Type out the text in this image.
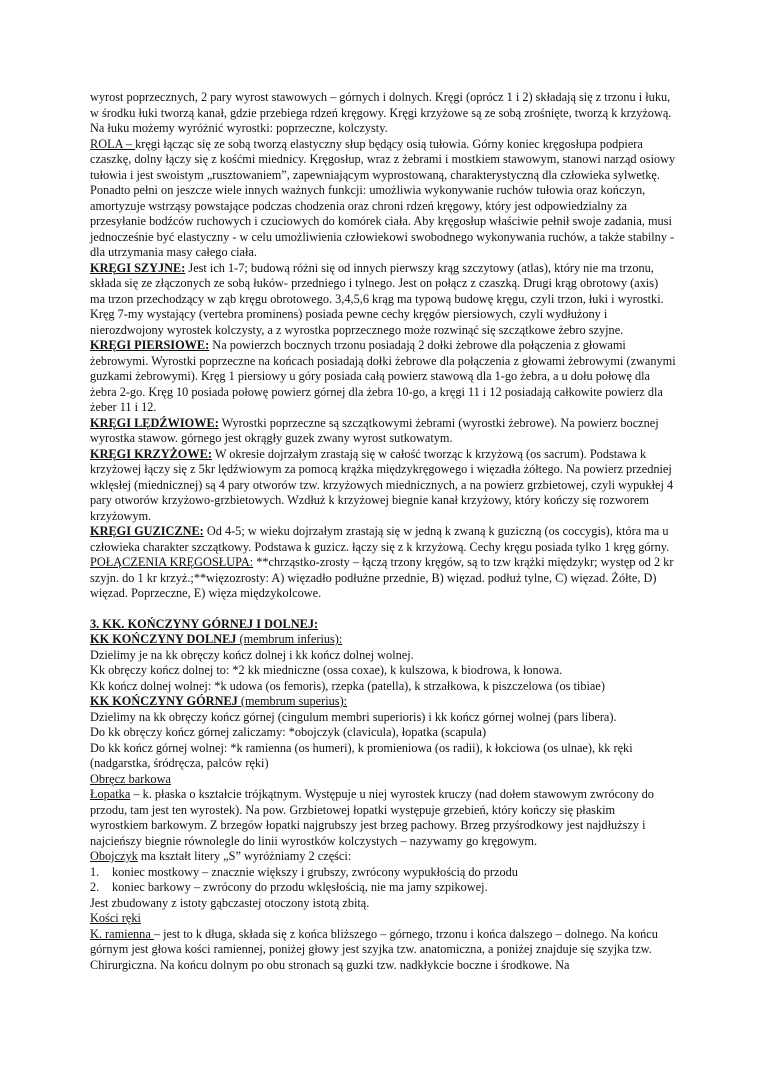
wyrost poprzecznych, 2 pary wyrost stawowych – górnych i dolnych. Kręgi (oprócz 1 i 2) składają się z trzonu i łuku, w środku łuki tworzą kanał, gdzie przebiega rdzeń kręgowy. Kręgi krzyżowe są ze sobą zrośnięte, tworzą k krzyżową. Na łuku możemy wyróżnić wyrostki: poprzeczne, kolczysty.

ROLA – kręgi łącząc się ze sobą tworzą elastyczny słup będący osią tułowia. Górny koniec kręgosłupa podpiera czaszkę, dolny łączy się z kośćmi miednicy. Kręgosłup, wraz z żebrami i mostkiem stawowym, stanowi narząd osiowy tułowia i jest swoistym „rusztowaniem”, zapewniającym wyprostowaną, charakterystyczną dla człowieka sylwetkę. Ponadto pełni on jeszcze wiele innych ważnych funkcji: umożliwia wykonywanie ruchów tułowia oraz kończyn, amortyzuje wstrząsy powstające podczas chodzenia oraz chroni rdzeń kręgowy, który jest odpowiedzialny za przesyłanie bodźców ruchowych i czuciowych do komórek ciała. Aby kręgosłup właściwie pełnił swoje zadania, musi jednocześnie być elastyczny - w celu umożliwienia człowiekowi swobodnego wykonywania ruchów, a także stabilny - dla utrzymania masy całego ciała.

KRĘGI SZYJNE: Jest ich 1-7; budową różni się od innych pierwszy krąg szczytowy (atlas), który nie ma trzonu, składa się ze złączonych ze sobą łuków- przedniego i tylnego. Jest on połącz z czaszką. Drugi krąg obrotowy (axis) ma trzon przechodzący w ząb kręgu obrotowego. 3,4,5,6 krąg ma typową budowę kręgu, czyli trzon, łuki i wyrostki. Kręg 7-my wystający (vertebra prominens) posiada pewne cechy kręgów piersiowych, czyli wydłużony i nierozdwojony wyrostek kolczysty, a z wyrostka poprzecznego może rozwinąć się szczątkowe żebro szyjne.

KRĘGI PIERSIOWE: Na powierzch bocznych trzonu posiadają 2 dołki żebrowe dla połączenia z głowami żebrowymi. Wyrostki poprzeczne na końcach posiadają dołki żebrowe dla połączenia z głowami żebrowymi (zwanymi guzkami żebrowymi). Kręg 1 piersiowy u góry posiada całą powierz stawową dla 1-go żebra, a u dołu połowę dla żebra 2-go. Kręg 10 posiada połowę powierz górnej dla żebra 10-go, a kręgi 11 i 12 posiadają całkowite powierz dla żeber 11 i 12.

KRĘGI LĘDŹWIOWE: Wyrostki poprzeczne są szczątkowymi żebrami (wyrostki żebrowe). Na powierz bocznej wyrostka stawow. górnego jest okrągły guzek zwany wyrost sutkowatym.

KRĘGI KRZYŻOWE: W okresie dojrzałym zrastają się w całość tworząc k krzyżową (os sacrum). Podstawa k krzyżowej łączy się z 5kr lędźwiowym za pomocą krążka międzykręgowego i więzadła żółtego. Na powierz przedniej wklęsłej (miednicznej) są 4 pary otworów tzw. krzyżowych miednicznych, a na powierz grzbietowej, czyli wypukłej 4 pary otworów krzyżowo-grzbietowych. Wzdłuż k krzyżowej biegnie kanał krzyżowy, który kończy się rozworem krzyżowym.

KRĘGI GUZICZNE: Od 4-5; w wieku dojrzałym zrastają się w jedną k zwaną k guziczną (os coccygis), która ma u człowieka charakter szczątkowy. Podstawa k guzicz. łączy się z k krzyżową. Cechy kręgu posiada tylko 1 kręg górny.

POŁĄCZENIA KRĘGOSŁUPA: **chrząstko-zrosty – łączą trzony kręgów, są to tzw krążki międzykr; występ od 2 kr szyjn. do 1 kr krzyż.;**więzozrosty: A) więzadło podłużne przednie, B) więzad. podłuż tylne, C) więzad. Żółte, D) więzad. Poprzeczne, E) więza międzykolcowe.

3. KK. KOŃCZYNY GÓRNEJ I DOLNEJ:

KK KOŃCZYNY DOLNEJ (membrum inferius):

Dzielimy je na kk obręczy kończ dolnej i kk kończ dolnej wolnej.

Kk obręczy kończ dolnej to: *2 kk miedniczne (ossa coxae), k kulszowa, k biodrowa, k łonowa.

Kk kończ dolnej wolnej: *k udowa (os femoris), rzepka (patella), k strzałkowa, k piszczelowa (os tibiae)

KK KOŃCZYNY GÓRNEJ (membrum superius):

Dzielimy na kk obręczy kończ górnej (cingulum membri superioris) i kk kończ górnej wolnej (pars libera).

Do kk obręczy kończ górnej zaliczamy: *obojczyk (clavicula), łopatka (scapula)

Do kk kończ górnej wolnej: *k ramienna (os humeri), k promieniowa (os radii), k łokciowa (os ulnae), kk ręki (nadgarstka, śródręcza, palców ręki)

Obręcz barkowa

Łopatka – k. płaska o kształcie trójkątnym. Występuje u niej wyrostek kruczy (nad dołem stawowym zwrócony do przodu, tam jest ten wyrostek). Na pow. Grzbietowej łopatki występuje grzebień, który kończy się płaskim wyrostkiem barkowym. Z brzegów łopatki najgrubszy jest brzeg pachowy. Brzeg przyśrodkowy jest najdłuższy i najcieńszy biegnie równolegle do linii wyrostków kolczystych – nazywamy go kręgowym.

Obojczyk ma kształt litery „S” wyróżniamy 2 części:

1.	koniec mostkowy – znacznie większy i grubszy, zwrócony wypukłością do przodu
2.	koniec barkowy – zwrócony do przodu wklęsłością, nie ma jamy szpikowej.

Jest zbudowany z istoty gąbczastej otoczony istotą zbitą.

Kości ręki

K. ramienna – jest to k długa, składa się z końca bliższego – górnego, trzonu i końca dalszego – dolnego. Na końcu górnym jest głowa kości ramiennej, poniżej głowy jest szyjka tzw. anatomiczna, a poniżej znajduje się szyjka tzw. Chirurgiczna. Na końcu dolnym po obu stronach są guzki tzw. nadkłykcie boczne i środkowe. Na
